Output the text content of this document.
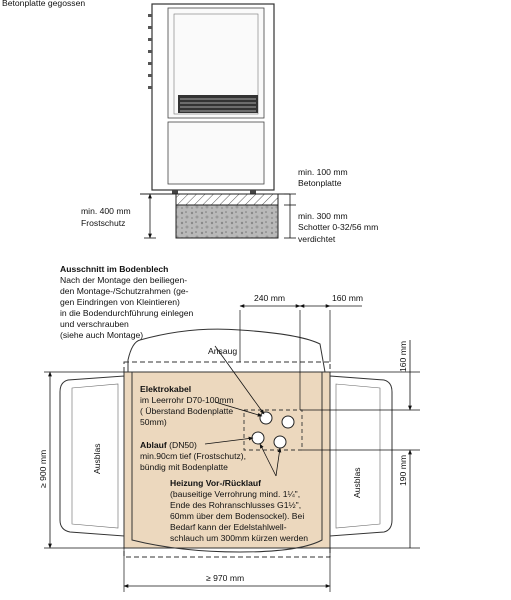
Betonplatte gegossen
min. 100 mm
Betonplatte
min. 400 mm
Frostschutz
min. 300 mm
Schotter 0-32/56 mm
verdichtet
Ausschnitt im Bodenblech
Nach der Montage den beiliegen-
den Montage-/Schutzrahmen (ge-
gen Eindringen von Kleintieren)
in die Bodendurchführung einlegen
und verschrauben
(siehe auch Montage)
240 mm	160 mm
160 mm
190 mm
≥ 900 mm
≥ 970 mm
Ansaug
Ausblas
Ausblas
Elektrokabel
im Leerrohr D70-100mm
( Überstand Bodenplatte
50mm)
Ablauf (DN50)
min.90cm tief (Frostschutz),
bündig mit Bodenplatte
Heizung Vor-/Rücklauf
(bauseitige Verrohrung mind. 1¼",
Ende des Rohranschlusses G1½",
60mm über dem Bodensockel). Bei
Bedarf kann der Edelstahlwell-
schlauch um 300mm kürzen werden
